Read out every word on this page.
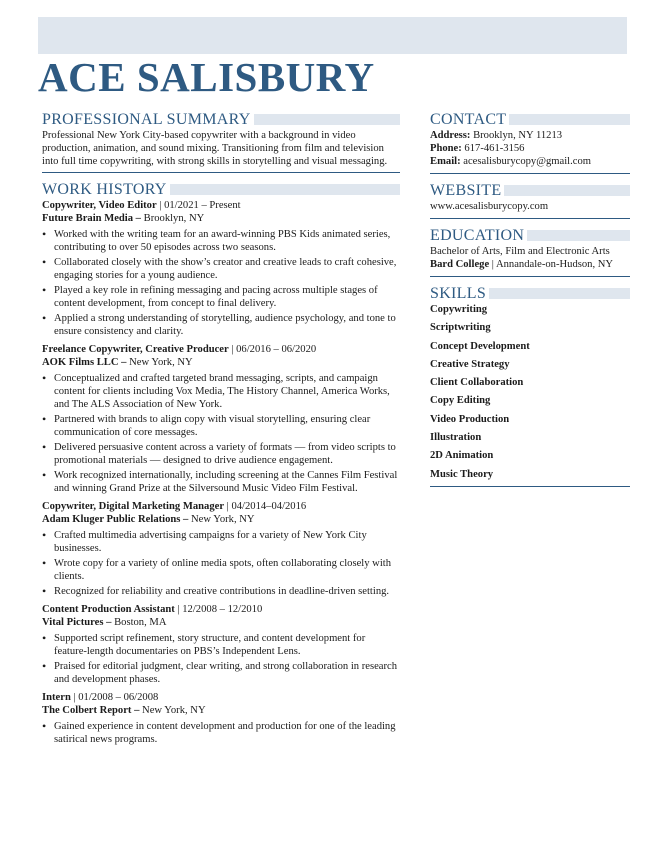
ACE SALISBURY
PROFESSIONAL SUMMARY
Professional New York City-based copywriter with a background in video production, animation, and sound mixing. Transitioning from film and television into full time copywriting, with strong skills in storytelling and visual messaging.
WORK HISTORY
Copywriter, Video Editor | 01/2021 – Present
Future Brain Media – Brooklyn, NY
• Worked with the writing team for an award-winning PBS Kids animated series, contributing to over 50 episodes across two seasons.
• Collaborated closely with the show’s creator and creative leads to craft cohesive, engaging stories for a young audience.
• Played a key role in refining messaging and pacing across multiple stages of content development, from concept to final delivery.
• Applied a strong understanding of storytelling, audience psychology, and tone to ensure consistency and clarity.
Freelance Copywriter, Creative Producer | 06/2016 – 06/2020
AOK Films LLC – New York, NY
• Conceptualized and crafted targeted brand messaging, scripts, and campaign content for clients including Vox Media, The History Channel, America Works, and The ALS Association of New York.
• Partnered with brands to align copy with visual storytelling, ensuring clear communication of core messages.
• Delivered persuasive content across a variety of formats — from video scripts to promotional materials — designed to drive audience engagement.
• Work recognized internationally, including screening at the Cannes Film Festival and winning Grand Prize at the Silversound Music Video Film Festival.
Copywriter, Digital Marketing Manager | 04/2014–04/2016
Adam Kluger Public Relations – New York, NY
• Crafted multimedia advertising campaigns for a variety of New York City businesses.
• Wrote copy for a variety of online media spots, often collaborating closely with clients.
• Recognized for reliability and creative contributions in deadline-driven setting.
Content Production Assistant | 12/2008 – 12/2010
Vital Pictures – Boston, MA
• Supported script refinement, story structure, and content development for feature-length documentaries on PBS’s Independent Lens.
• Praised for editorial judgment, clear writing, and strong collaboration in research and development phases.
Intern | 01/2008 – 06/2008
The Colbert Report – New York, NY
• Gained experience in content development and production for one of the leading satirical news programs.
CONTACT
Address: Brooklyn, NY 11213
Phone: 617-461-3156
Email: acesalisburycopy@gmail.com
WEBSITE
www.acesalisburycopy.com
EDUCATION
Bachelor of Arts, Film and Electronic Arts
Bard College | Annandale-on-Hudson, NY
SKILLS
Copywriting
Scriptwriting
Concept Development
Creative Strategy
Client Collaboration
Copy Editing
Video Production
Illustration
2D Animation
Music Theory
